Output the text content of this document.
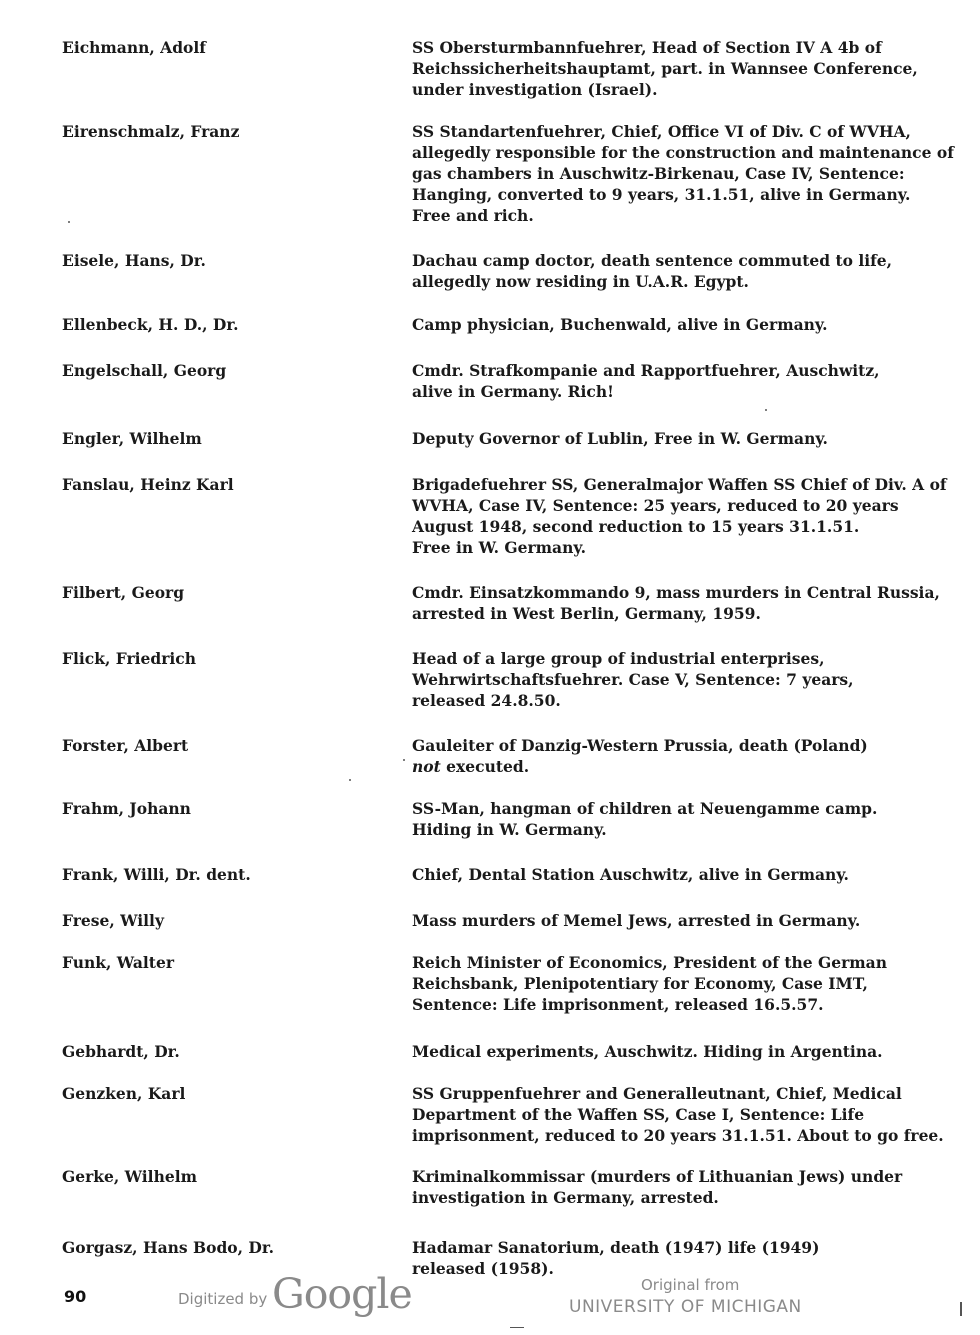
Eichmann, Adolf	SS Obersturmbannfuehrer, Head of Section IV A 4b of
Reichssicherheitshauptamt, part. in Wannsee Conference,
under investigation (Israel).
Eirenschmalz, Franz	SS Standartenfuehrer, Chief, Office VI of Div. C of WVHA,
allegedly responsible for the construction and maintenance of
gas chambers in Auschwitz-Birkenau, Case IV, Sentence:
Hanging, converted to 9 years, 31.1.51, alive in Germany.
Free and rich.
Eisele, Hans, Dr.	Dachau camp doctor, death sentence commuted to life,
allegedly now residing in U.A.R. Egypt.
Ellenbeck, H. D., Dr.	Camp physician, Buchenwald, alive in Germany.
Engelschall, Georg	Cmdr. Strafkompanie and Rapportfuehrer, Auschwitz,
alive in Germany. Rich!
Engler, Wilhelm	Deputy Governor of Lublin, Free in W. Germany.
Fanslau, Heinz Karl	Brigadefuehrer SS, Generalmajor Waffen SS Chief of Div. A of
WVHA, Case IV, Sentence: 25 years, reduced to 20 years
August 1948, second reduction to 15 years 31.1.51.
Free in W. Germany.
Filbert, Georg	Cmdr. Einsatzkommando 9, mass murders in Central Russia,
arrested in West Berlin, Germany, 1959.
Flick, Friedrich	Head of a large group of industrial enterprises,
Wehrwirtschaftsfuehrer. Case V, Sentence: 7 years,
released 24.8.50.
Forster, Albert	Gauleiter of Danzig-Western Prussia, death (Poland)
not executed.
Frahm, Johann	SS-Man, hangman of children at Neuengamme camp.
Hiding in W. Germany.
Frank, Willi, Dr. dent.	Chief, Dental Station Auschwitz, alive in Germany.
Frese, Willy	Mass murders of Memel Jews, arrested in Germany.
Funk, Walter	Reich Minister of Economics, President of the German
Reichsbank, Plenipotentiary for Economy, Case IMT,
Sentence: Life imprisonment, released 16.5.57.
Gebhardt, Dr.	Medical experiments, Auschwitz. Hiding in Argentina.
Genzken, Karl	SS Gruppenfuehrer and Generalleutnant, Chief, Medical
Department of the Waffen SS, Case I, Sentence: Life
imprisonment, reduced to 20 years 31.1.51. About to go free.
Gerke, Wilhelm	Kriminalkommissar (murders of Lithuanian Jews) under
investigation in Germany, arrested.
Gorgasz, Hans Bodo, Dr.	Hadamar Sanatorium, death (1947) life (1949)
released (1958).
90	Digitized by Google	Original from
UNIVERSITY OF MICHIGAN
